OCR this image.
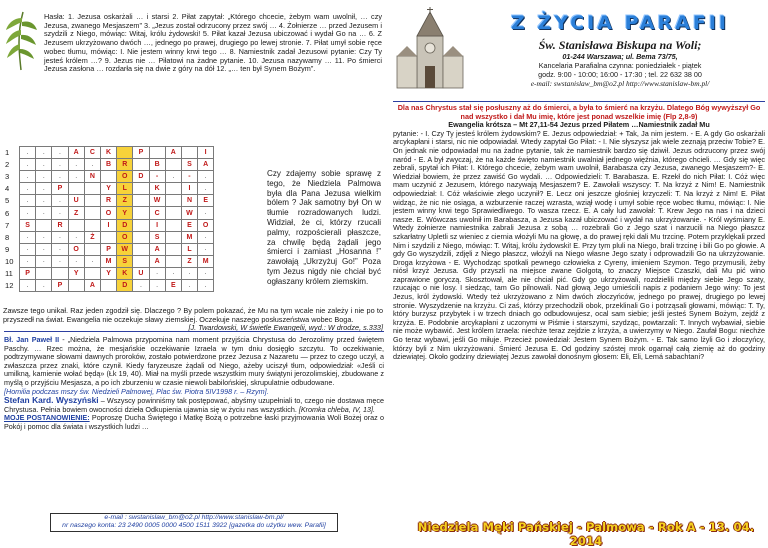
Hasła: 1. Jezusa oskarżali … i starsi 2. Piłat zapytał: „Którego chcecie, żebym wam uwolnił, … czy Jezusa, zwanego Mesjaszem” 3. „Jezus został odrzucony przez swój … 4. Żołnierze … przed Jezusem i szydzili z Niego, mówiąc: Witaj, królu żydowski! 5. Piłat kazał Jezusa ubiczować i wydał Go na … 6. Z Jezusem ukrzyżowano dwóch …, jednego po prawej, drugiego po lewej stronie. 7. Piłat umył sobie ręce wobec tłumu, mówiąc: I. Nie jestem winny krwi tego … 8. Namiestnik zadał Jezusowi pytanie: Czy Ty jesteś królem …? 9. Jezus nie … Piłatowi na żadne pytanie. 10. Jezusa nazywamy … 11. Po śmierci Jezusa zasłona … rozdarła się na dwie z góry na dół 12. „… ten był Synem Bożym”.

1	.	.	.	A	C	K		P		A		I
2	.	.	.	.	.	B	R		B		S	A
3	.	.	.	.	N		O	D	-	.	-	.
4	.	.	P			Y	L		K		I	.
5	.	.	.	U		R	Z		W		N	E
6	.	.	.	Z		O	Y		C		W	.
7	S		R			I	D		I		E	O
8	.	.	.	.	Ż		O		S		M	.
9	.	.	.	O		P	W		A		L	.
10	.	.	.	.	.	M	S		A		Z	M
11	P			Y		Y	K	U	.	.	.	.
12	.	.	P		A		D	.	.	E	.	.
Czy zdajemy sobie sprawę z tego, że Niedziela Palmowa była dla Pana Jezusa wielkim bólem ? Jak samotny był On w tłumie rozradowanych ludzi. Widział, że ci, którzy rzucali palmy, rozpościerali płaszcze, za chwilę będą żądali jego śmierci i zamiast „Hosanna !” zawołają „Ukrzyżuj Go!” Poza tym Jezus nigdy nie chciał być ogłaszany królem ziemskim.

Zawsze tego unikał. Raz jeden zgodził się. Dlaczego ? By polem pokazać, że Mu na tym wcale nie zależy i nie po to przyszedł na świat. Ewangelia nie oczekuje sławy ziemskiej. Oczekuje naszego posłuszeństwa wobec Boga.

[J. Twardowski, W świetle Ewangelii, wyd.: W drodze, s.333]

Bł. Jan Paweł II - „Niedziela Palmowa przypomina nam moment przyjścia Chrystusa do Jerozolimy przed świętem Paschy. … Rzec można, że mesjańskie oczekiwanie Izraela w tym dniu dosięgło szczytu. To oczekiwanie, podtrzymywane słowami dawnych proroków, zostało potwierdzone przez Jezusa z Nazaretu — przez to czego uczył, a zwłaszcza przez znaki, które czynił. Kiedy faryzeusze żądali od Niego, ażeby uciszył tłum, odpowiedział: «Jeśli ci umilkną, kamienie wołać będą» (Łk 19, 40). Miał na myśli przede wszystkim mury świątyni jerozolimskiej, zbudowane z myślą o przyjściu Mesjasza, a po ich zburzeniu w czasie niewoli babilońskiej, skrupulatnie odbudowane.

[Homilia podczas mszy św. Niedzieli Palmowej, Plac św. Piotra 5IV1998 r. – Rzym].

Stefan Kard. Wyszyński – Wszyscy powinniśmy tak postępować, abyśmy uzupełniali to, czego nie dostawa męce Chrystusa. Pełnia bowiem owocności dzieła Odkupienia ujawnia się w życiu nas wszystkich. [Kromka chleba, IV, 13].

MOJE POSTANOWIENIE: Poproszę Ducha Świętego i Matkę Bożą o potrzebne łaski przyjmowania Woli Bożej oraz o Pokój i pomoc dla świata i wszystkich ludzi …

e-mail : swstanislaw_bm@o2.pl http://www.stanislaw-bm.pl/
nr naszego konta: 23 2490 0005 0000 4500 1511 3922 [gazetka do użytku wew. Parafii]
Z ŻYCIA PARAFII
Św. Stanisława Biskupa na Woli;
01-244 Warszawa; ul. Bema 73/75,
Kancelaria Parafialna czynna: poniedziałek - piątek
godz. 9:00 - 10:00; 16:00 - 17:30 ; tel. 22 632 38 00
e-mail: swstanislaw_bm@o2.pl http://www.stanislaw-bm.pl/

Dla nas Chrystus stał się posłuszny aż do śmierci, a była to śmierć na krzyżu. Dlatego Bóg wywyższył Go nad wszystko i dał Mu imię, które jest ponad wszelkie imię (Flp 2,8-9)

Ewangelia krótsza – Mt 27,11-54 Jezus przed Piłatem …Namiestnik zadał Mu

pytanie: - I. Czy Ty jesteś królem żydowskim? E. Jezus odpowiedział: + Tak, Ja nim jestem. - E. A gdy Go oskarżali arcykapłani i starsi, nic nie odpowiadał. Wtedy zapytał Go Piłat: - I. Nie słyszysz jak wiele zeznają przeciw Tobie? E. On jednak nie odpowiadał mu na żadne pytanie, tak że namiestnik bardzo się dziwił. Jezus odrzucony przez swój naród - E. A był zwyczaj, że na każde święto namiestnik uwalniał jednego więźnia, którego chcieli. … Gdy się więc zebrali, spytał ich Piłat: I. Którego chcecie, żebym wam uwolnił, Barabasza czy Jezusa, zwanego Mesjaszem?- E. Wiedział bowiem, że przez zawiść Go wydali. … Odpowiedzieli: T. Barabasza. E. Rzekł do nich Piłat: I. Cóż więc mam uczynić z Jezusem, którego nazywają Mesjaszem? E. Zawołali wszyscy: T. Na krzyż z Nim! E. Namiestnik odpowiedział: I. Cóż właściwie złego uczynił? E. Lecz oni jeszcze głośniej krzyczeli: T. Na krzyż z Nim! E. Piłat widząc, że nic nie osiąga, a wzburzenie raczej wzrasta, wziął wodę i umył sobie ręce wobec tłumu, mówiąc: I. Nie jestem winny krwi tego Sprawiedliwego. To wasza rzecz. E. A cały lud zawołał: T. Krew Jego na nas i na dzieci nasze. E. Wówczas uwolnił im Barabasza, a Jezusa kazał ubiczować i wydał na ukrzyżowanie. - Król wyśmiany E. Wtedy żołnierze namiestnika zabrali Jezusa z sobą … rozebrali Go z Jego szat i narzucili na Niego płaszcz szkarłatny Upletli sz wieniec z ciernia włożyli Mu na głowę, a do prawej ręki dali Mu trzcinę. Potem przyklękali przed Nim i szydzili z Niego, mówiąc: T. Witaj, królu żydowski! E. Przy tym pluli na Niego, brali trzcinę i bili Go po głowie. A gdy Go wyszydzili, zdjęli z Niego płaszcz, włożyli na Niego własne Jego szaty i odprowadzili Go na ukrzyżowanie. Droga krzyżowa - E. Wychodząc spotkali pewnego człowieka z Cyreny, imieniem Szymon. Tego przymusili, żeby niósł krzyż Jezusa. Gdy przyszli na miejsce zwane Golgotą, to znaczy Miejsce Czaszki, dali Mu pić wino zaprawione goryczą. Skosztował, ale nie chciał pić. Gdy go ukrzyżowali, rozdzielili między siebie Jego szaty, rzucając o nie losy. I siedząc, tam Go pilnowali. Nad głową Jego umieścili napis z podaniem Jego winy: To jest Jezus, król żydowski. Wtedy też ukrzyżowano z Nim dwóch złoczyńców, jednego po prawej, drugiego po lewej stronie. Wyszydzenie na krzyżu. Ci zaś, którzy przechodzili obok, przeklinali Go i potrząsali głowami, mówiąc: T. Ty, który burzysz przybytek i w trzech dniach go odbudowujesz, ocal sam siebie; jeśli jesteś Synem Bożym, zejdź z krzyża. E. Podobnie arcykapłani z uczonymi w Piśmie i starszymi, szydząc, powtarzali: T. Innych wybawiał, siebie nie może wybawić. Jest królem Izraela: niechże teraz zejdzie z krzyża, a uwierzymy w Niego. Zaufał Bogu: niechże Go teraz wybawi, jeśli Go miłuje. Przecież powiedział: Jestem Synem Bożym. - E. Tak samo lżyli Go i złoczyńcy, którzy byli z Nim ukrzyżowani. Śmierć Jezusa E. Od godziny szóstej mrok ogarnął całą ziemię aż do godziny dziewiątej. Około godziny dziewiątej Jezus zawołał donośnym głosem: Eli, Eli, Lemá sabachtani?

Niedziela Męki Pańskiej - Palmowa - Rok A - 13. 04. 2014
